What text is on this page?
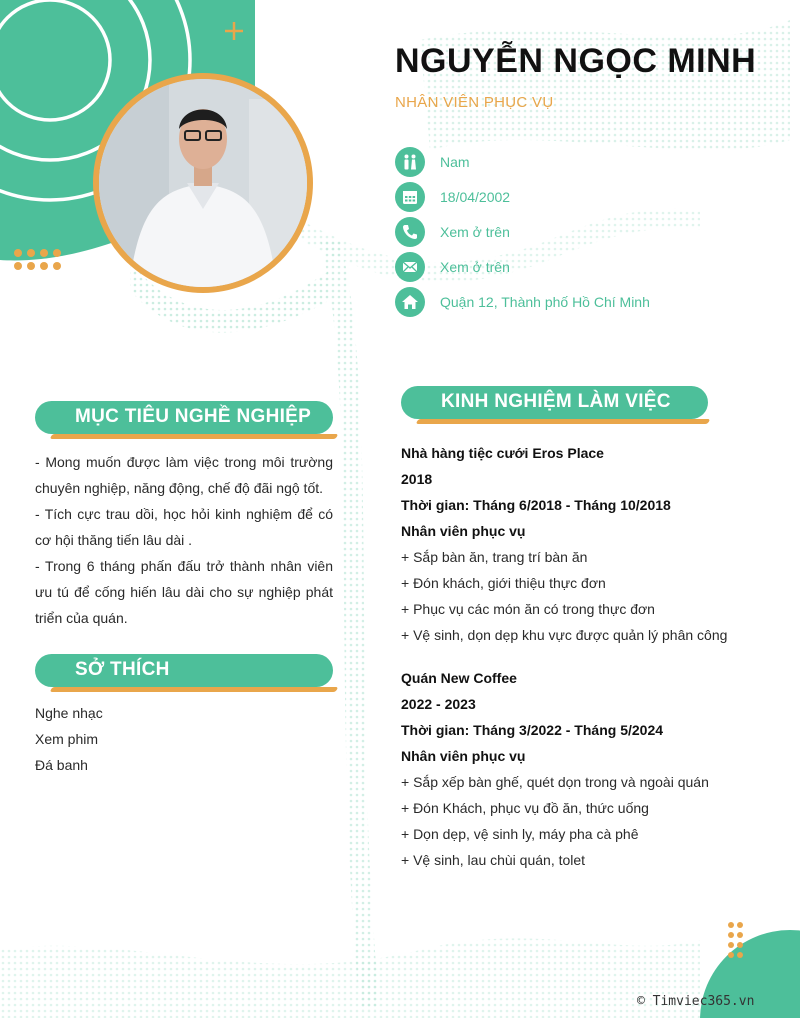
NGUYỄN NGỌC MINH
NHÂN VIÊN PHỤC VỤ
Nam
18/04/2002
Xem ở trên
Xem ở trên
Quận 12, Thành phố Hồ Chí Minh
MỤC TIÊU NGHỀ NGHIỆP
SỞ THÍCH
KINH NGHIỆM LÀM VIỆC

- Mong muốn được làm việc trong môi trường chuyên nghiệp, năng động, chế độ đãi ngộ tốt.

- Tích cực trau dồi, học hỏi kinh nghiệm để có cơ hội thăng tiến lâu dài .

- Trong 6 tháng phấn đấu trở thành nhân viên ưu tú để cống hiến lâu dài cho sự nghiệp phát triển của quán.

Nghe nhạc
Xem phim
Đá banh
Nhà hàng tiệc cưới Eros Place
2018
Thời gian: Tháng 6/2018 - Tháng 10/2018
Nhân viên phục vụ
+ Sắp bàn ăn, trang trí bàn ăn
+ Đón khách, giới thiệu thực đơn
+ Phục vụ các món ăn có trong thực đơn
+ Vệ sinh, dọn dẹp khu vực được quản lý phân công
Quán New Coffee
2022 - 2023
Thời gian: Tháng 3/2022 - Tháng 5/2024
Nhân viên phục vụ
+ Sắp xếp bàn ghế, quét dọn trong và ngoài quán
+ Đón Khách, phục vụ đồ ăn, thức uống
+ Dọn dẹp, vệ sinh ly, máy pha cà phê
+ Vệ sinh, lau chùi quán, tolet
© Timviec365.vn
